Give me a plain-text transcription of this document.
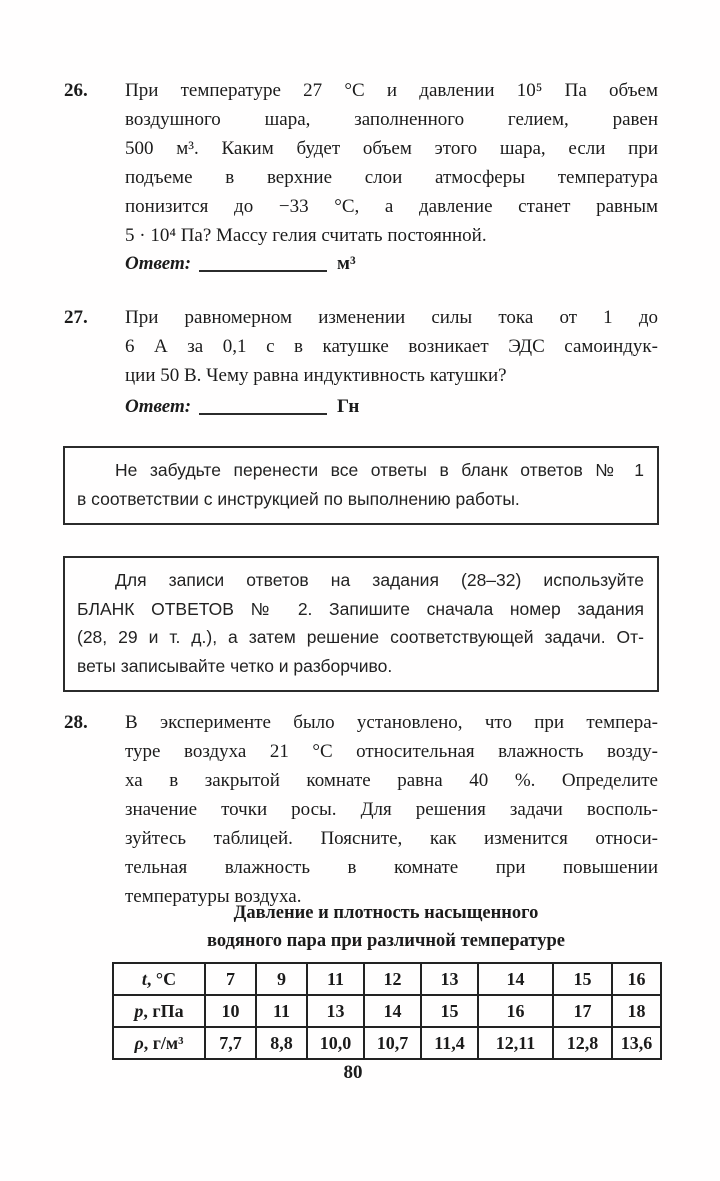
26.	При температуре 27 °С и давлении 10⁵ Па объем
воздушного шара, заполненного гелием, равен
500 м³. Каким будет объем этого шара, если при
подъеме в верхние слои атмосферы температура
понизится до −33 °С, а давление станет равным
5 · 10⁴ Па? Массу гелия считать постоянной.
Ответ:	м³
27.	При равномерном изменении силы тока от 1 до
6 А за 0,1 с в катушке возникает ЭДС самоиндук-
ции 50 В. Чему равна индуктивность катушки?
Ответ:	Гн
Не забудьте перенести все ответы в бланк ответов № 1
в соответствии с инструкцией по выполнению работы.
Для записи ответов на задания (28–32) используйте
БЛАНК ОТВЕТОВ № 2. Запишите сначала номер задания
(28, 29 и т. д.), а затем решение соответствующей задачи. От-
веты записывайте четко и разборчиво.
28.	В эксперименте было установлено, что при темпера-
туре воздуха 21 °С относительная влажность возду-
ха в закрытой комнате равна 40 %. Определите
значение точки росы. Для решения задачи восполь-
зуйтесь таблицей. Поясните, как изменится относи-
тельная влажность в комнате при повышении
температуры воздуха.
Давление и плотность насыщенного
водяного пара при различной температуре
t, °С	7	9	11	12	13	14	15	16
p, гПа	10	11	13	14	15	16	17	18
ρ, г/м³	7,7	8,8	10,0	10,7	11,4	12,11	12,8	13,6
80
